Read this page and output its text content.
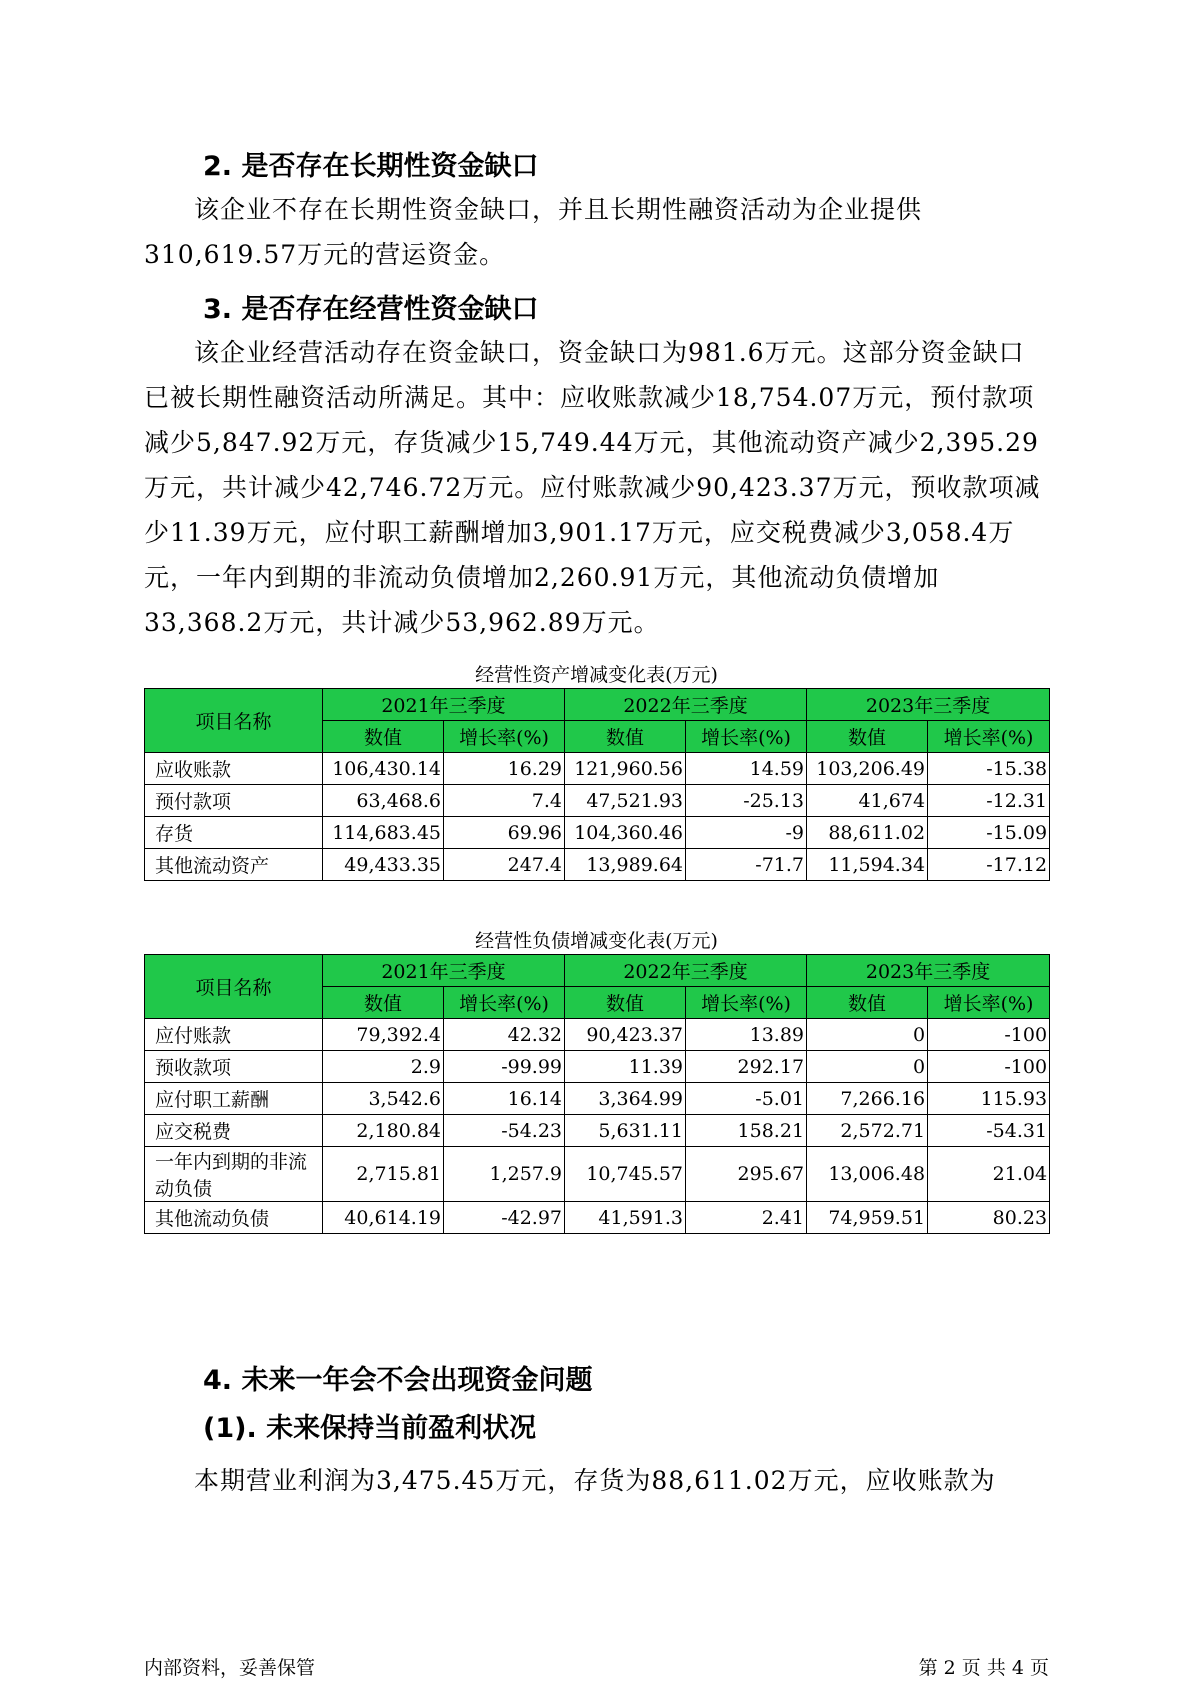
2. 是否存在长期性资金缺口

该企业不存在长期性资金缺口，并且长期性融资活动为企业提供310,619.57万元的营运资金。

3. 是否存在经营性资金缺口

该企业经营活动存在资金缺口，资金缺口为981.6万元。这部分资金缺口已被长期性融资活动所满足。其中：应收账款减少18,754.07万元，预付款项减少5,847.92万元，存货减少15,749.44万元，其他流动资产减少2,395.29万元，共计减少42,746.72万元。应付账款减少90,423.37万元，预收款项减少11.39万元，应付职工薪酬增加3,901.17万元，应交税费减少3,058.4万元，一年内到期的非流动负债增加2,260.91万元，其他流动负债增加33,368.2万元，共计减少53,962.89万元。

经营性资产增减变化表(万元)

项目名称	2021年三季度		2022年三季度		2023年三季度	
	数值	增长率(%)	数值	增长率(%)	数值	增长率(%)
应收账款	106,430.14	16.29	121,960.56	14.59	103,206.49	-15.38
预付款项	63,468.6	7.4	47,521.93	-25.13	41,674	-12.31
存货	114,683.45	69.96	104,360.46	-9	88,611.02	-15.09
其他流动资产	49,433.35	247.4	13,989.64	-71.7	11,594.34	-17.12

经营性负债增减变化表(万元)

项目名称	2021年三季度		2022年三季度		2023年三季度	
	数值	增长率(%)	数值	增长率(%)	数值	增长率(%)
应付账款	79,392.4	42.32	90,423.37	13.89	0	-100
预收款项	2.9	-99.99	11.39	292.17	0	-100
应付职工薪酬	3,542.6	16.14	3,364.99	-5.01	7,266.16	115.93
应交税费	2,180.84	-54.23	5,631.11	158.21	2,572.71	-54.31
一年内到期的非流动负债	2,715.81	1,257.9	10,745.57	295.67	13,006.48	21.04
其他流动负债	40,614.19	-42.97	41,591.3	2.41	74,959.51	80.23
4. 未来一年会不会出现资金问题
(1). 未来保持当前盈利状况

本期营业利润为3,475.45万元，存货为88,611.02万元，应收账款为

内部资料，妥善保管	第 2 页 共 4 页
